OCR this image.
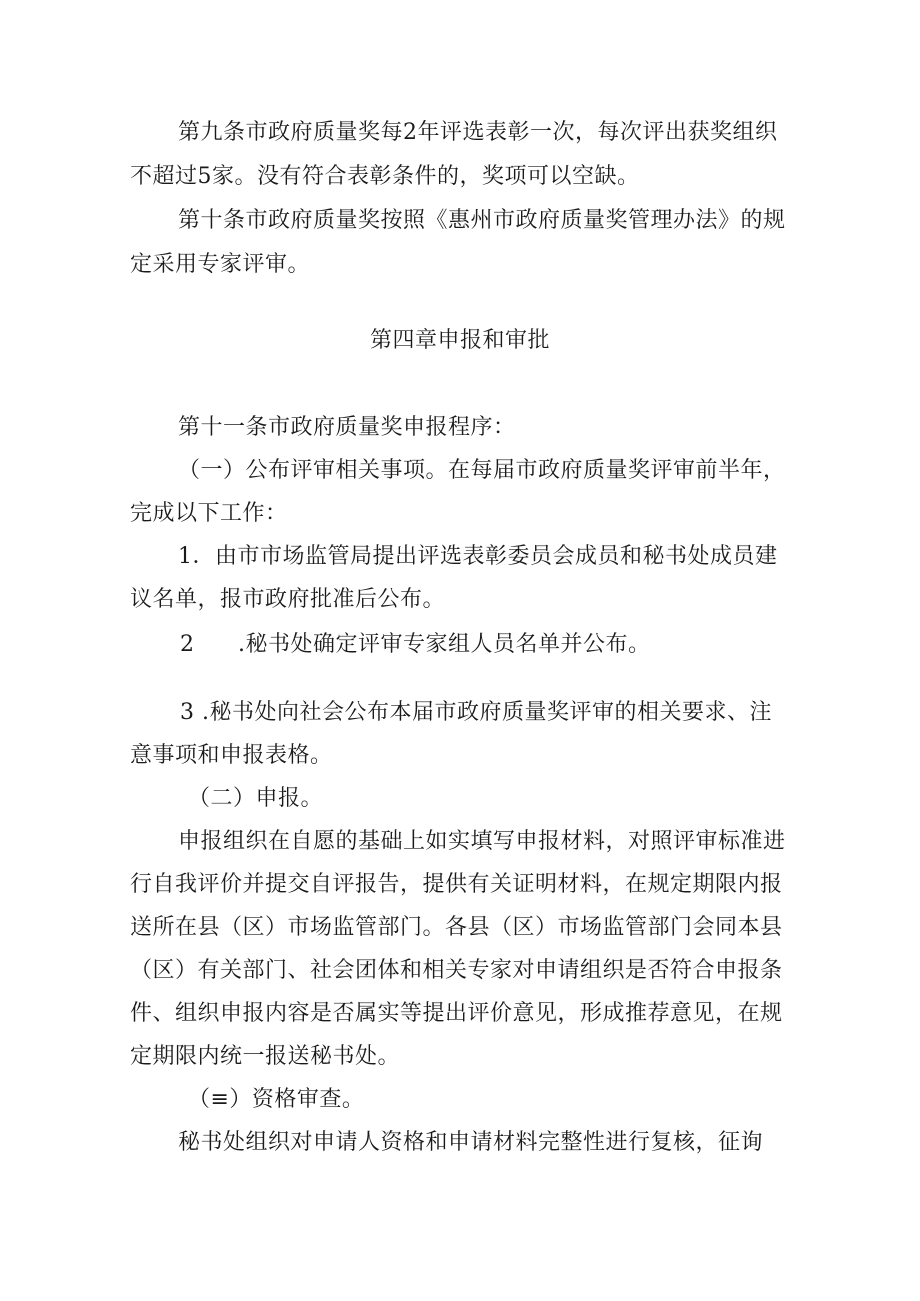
第九条市政府质量奖每2年评选表彰一次，每次评出获奖组织
不超过5家。没有符合表彰条件的，奖项可以空缺。
第十条市政府质量奖按照《惠州市政府质量奖管理办法》的规
定采用专家评审。
第四章申报和审批
第十一条市政府质量奖申报程序：
（一）公布评审相关事项。在每届市政府质量奖评审前半年，
完成以下工作：
1．由市市场监管局提出评选表彰委员会成员和秘书处成员建
议名单，报市政府批准后公布。
2 .秘书处确定评审专家组人员名单并公布。
3 .秘书处向社会公布本届市政府质量奖评审的相关要求、注
意事项和申报表格。
（二）申报。
申报组织在自愿的基础上如实填写申报材料，对照评审标准进
行自我评价并提交自评报告，提供有关证明材料，在规定期限内报
送所在县（区）市场监管部门。各县（区）市场监管部门会同本县
（区）有关部门、社会团体和相关专家对申请组织是否符合申报条
件、组织申报内容是否属实等提出评价意见，形成推荐意见，在规
定期限内统一报送秘书处。
（≡）资格审查。
秘书处组织对申请人资格和申请材料完整性进行复核，征询
